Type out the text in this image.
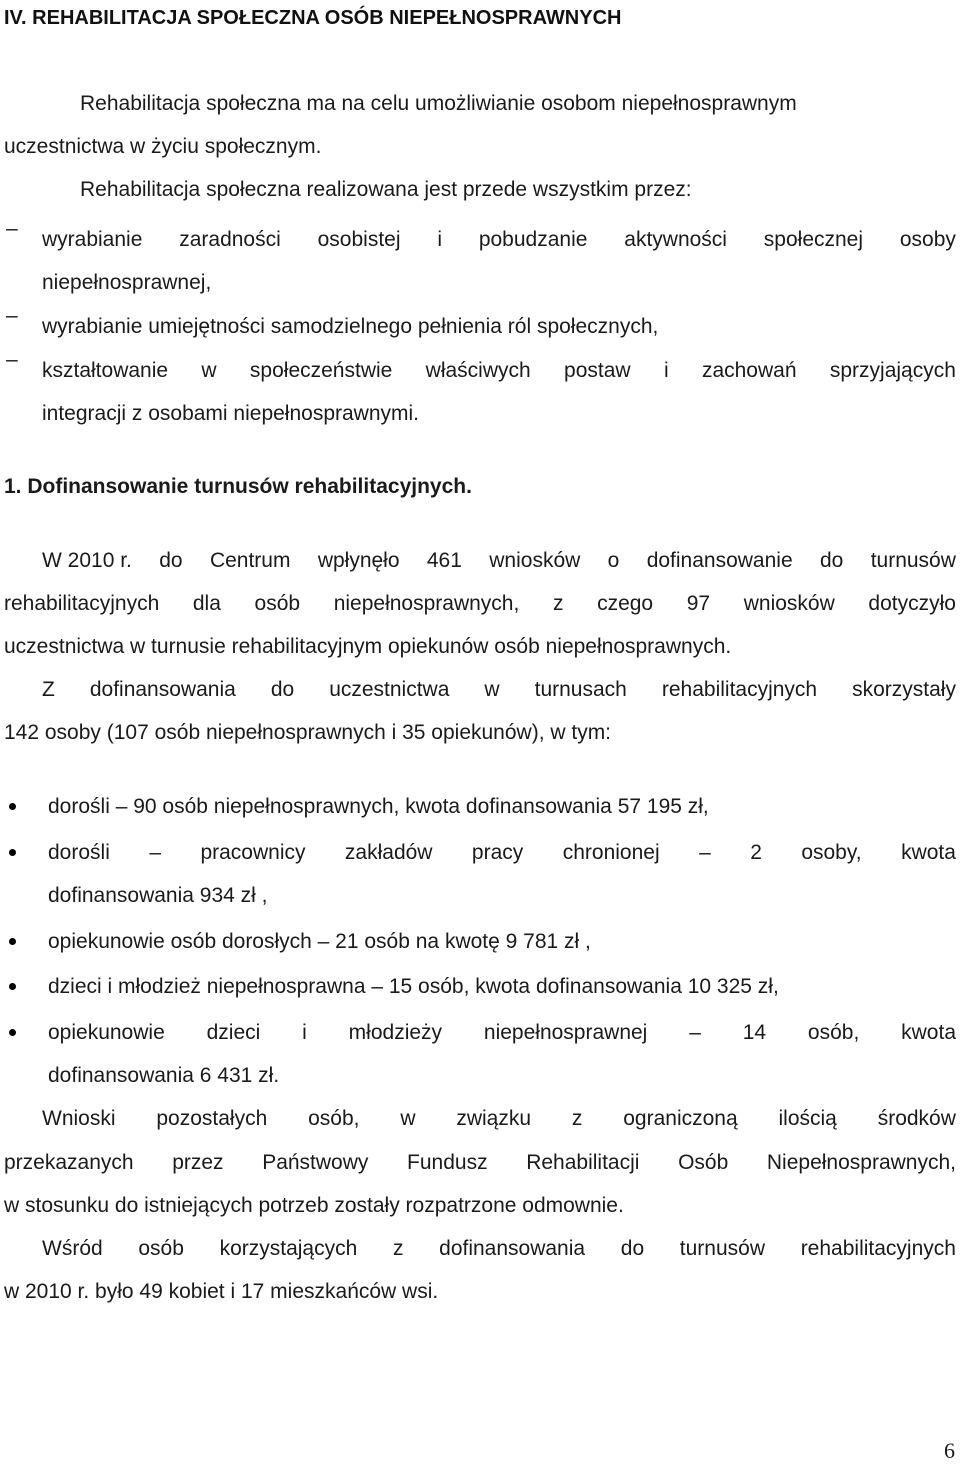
IV. REHABILITACJA SPOŁECZNA OSÓB NIEPEŁNOSPRAWNYCH
Rehabilitacja społeczna ma na celu umożliwianie osobom niepełnosprawnym
uczestnictwa w życiu społecznym.
Rehabilitacja społeczna realizowana jest przede wszystkim przez:
– wyrabianie zaradności osobistej i pobudzanie aktywności społecznej osoby
niepełnosprawnej,
– wyrabianie umiejętności samodzielnego pełnienia ról społecznych,
– kształtowanie w społeczeństwie właściwych postaw i zachowań sprzyjających
integracji z osobami niepełnosprawnymi.
1. Dofinansowanie turnusów rehabilitacyjnych.
W 2010 r. do Centrum wpłynęło 461 wniosków o dofinansowanie do turnusów
rehabilitacyjnych dla osób niepełnosprawnych, z czego 97 wniosków dotyczyło
uczestnictwa w turnusie rehabilitacyjnym opiekunów osób niepełnosprawnych.
Z dofinansowania do uczestnictwa w turnusach rehabilitacyjnych skorzystały
142 osoby (107 osób niepełnosprawnych i 35 opiekunów), w tym:
dorośli – 90 osób niepełnosprawnych, kwota dofinansowania 57 195 zł,
dorośli – pracownicy zakładów pracy chronionej – 2 osoby, kwota
dofinansowania 934 zł ,
opiekunowie osób dorosłych – 21 osób na kwotę 9 781 zł ,
dzieci i młodzież niepełnosprawna – 15 osób, kwota dofinansowania 10 325 zł,
opiekunowie dzieci i młodzieży niepełnosprawnej – 14 osób, kwota
dofinansowania 6 431 zł.
Wnioski pozostałych osób, w związku z ograniczoną ilością środków
przekazanych przez Państwowy Fundusz Rehabilitacji Osób Niepełnosprawnych,
w stosunku do istniejących potrzeb zostały rozpatrzone odmownie.
Wśród osób korzystających z dofinansowania do turnusów rehabilitacyjnych
w 2010 r. było 49 kobiet i 17 mieszkańców wsi.
6
